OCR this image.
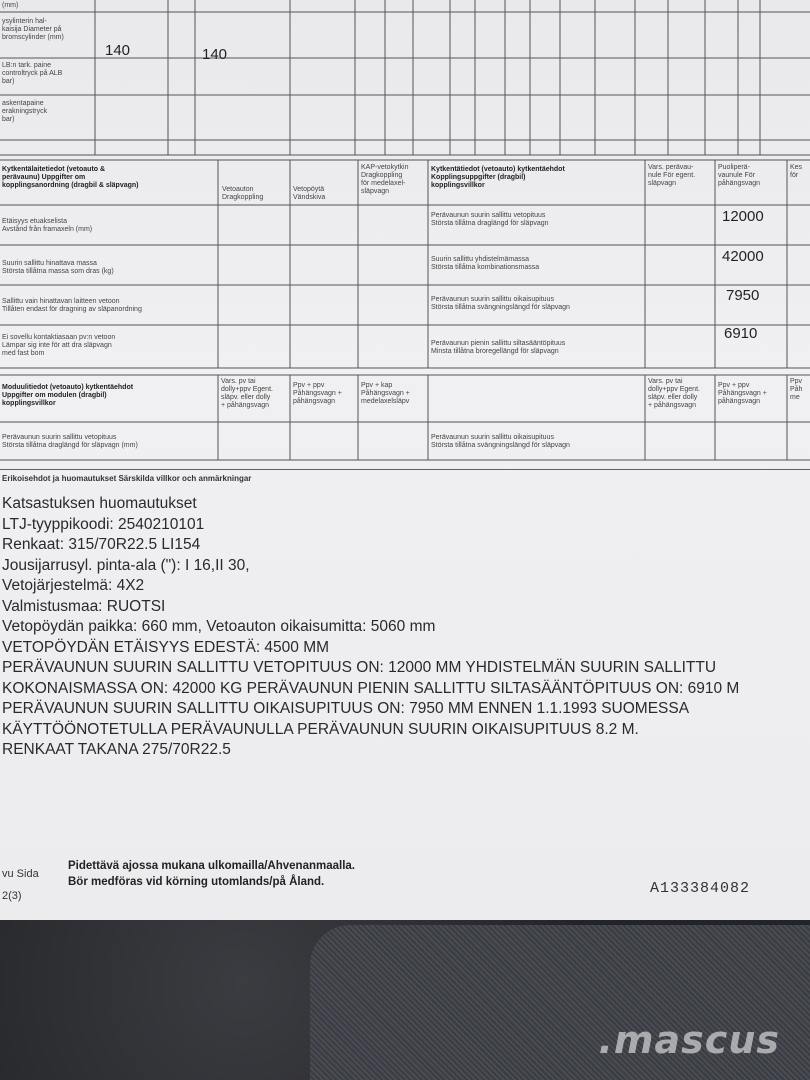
(mm)
ysylinterin hal-
kaisija Diameter på
bromscylinder (mm)
140	140
LB:n tark. paine
controltryck på ALB
bar)
askentapaine
erakningstryck
bar)
Kytkentälaitetiedot (vetoauto &
perävaunu) Uppgifter om
kopplingsanordning (dragbil & släpvagn)
Vetoauton
Dragkoppling
Vetopöytä
Vändskiva
KAP-vetokytkin
Dragkoppling
för medelaxel-
släpvagn
Kytkentätiedot (vetoauto) kytkentäehdot
Kopplingsuppgifter (dragbil)
kopplingsvillkor
Vars. perävau-
nule För egent.
släpvagn
Puoliperä-
vaunule För
påhängsvagn
Kes
för
Etäisyys etuakselista
Avstånd från framaxeln (mm)
Suurin sallittu hinattava massa
Största tillåtna massa som dras (kg)
Sallittu vain hinattavan laitteen vetoon
Tillåten endast för dragning av släpanordning
Ei sovellu kontaktiasaan pv:n vetoon
Lämpar sig inte för att dra släpvagn
med fast bom
Perävaunun suurin sallittu vetopituus
Största tillåtna draglängd för släpvagn
Suurin sallittu yhdistelmämassa
Största tillåtna kombinationsmassa
Perävaunun suurin sallittu oikaisupituus
Största tillåtna svängningslängd för släpvagn
Perävaunun pienin sallittu siltasääntöpituus
Minsta tillåtna broregellängd för släpvagn
12000
42000
7950
6910
Moduulitiedot (vetoauto) kytkentäehdot
Uppgifter om modulen (dragbil)
kopplingsvillkor
Vars. pv tai
dolly+ppv Egent.
släpv. eller dolly
+ påhängsvagn
Ppv + ppv
Påhängsvagn +
påhängsvagn
Ppv + kap
Påhängsvagn +
medelaxelsläpv
Vars. pv tai
dolly+ppv Egent.
släpv. eller dolly
+ påhängsvagn
Ppv + ppv
Påhängsvagn +
påhängsvagn
Ppv
Påh
me
Perävaunun suurin sallittu vetopituus
Största tillåtna draglängd för släpvagn (mm)
Perävaunun suurin sallittu oikaisupituus
Största tillåtna svängningslängd för släpvagn
Erikoisehdot ja huomautukset Särskilda villkor och anmärkningar
Katsastuksen huomautukset
LTJ-tyyppikoodi: 2540210101
Renkaat: 315/70R22.5 LI154
Jousijarrusyl. pinta-ala ("): I 16,II 30,
Vetojärjestelmä: 4X2
Valmistusmaa: RUOTSI
Vetopöydän paikka: 660 mm, Vetoauton oikaisumitta: 5060 mm
VETOPÖYDÄN ETÄISYYS EDESTÄ: 4500 MM
PERÄVAUNUN SUURIN SALLITTU VETOPITUUS ON: 12000 MM YHDISTELMÄN SUURIN SALLITTU
KOKONAISMASSA ON: 42000 KG PERÄVAUNUN PIENIN SALLITTU SILTASÄÄNTÖPITUUS ON: 6910 M
PERÄVAUNUN SUURIN SALLITTU OIKAISUPITUUS ON: 7950 MM ENNEN 1.1.1993 SUOMESSA
KÄYTTÖÖNOTETULLA PERÄVAUNULLA PERÄVAUNUN SUURIN OIKAISUPITUUS 8.2 M.
RENKAAT TAKANA 275/70R22.5
vu Sida
2(3)
Pidettävä ajossa mukana ulkomailla/Ahvenanmaalla.
Bör medföras vid körning utomlands/på Åland.	A133384082
.mascus
